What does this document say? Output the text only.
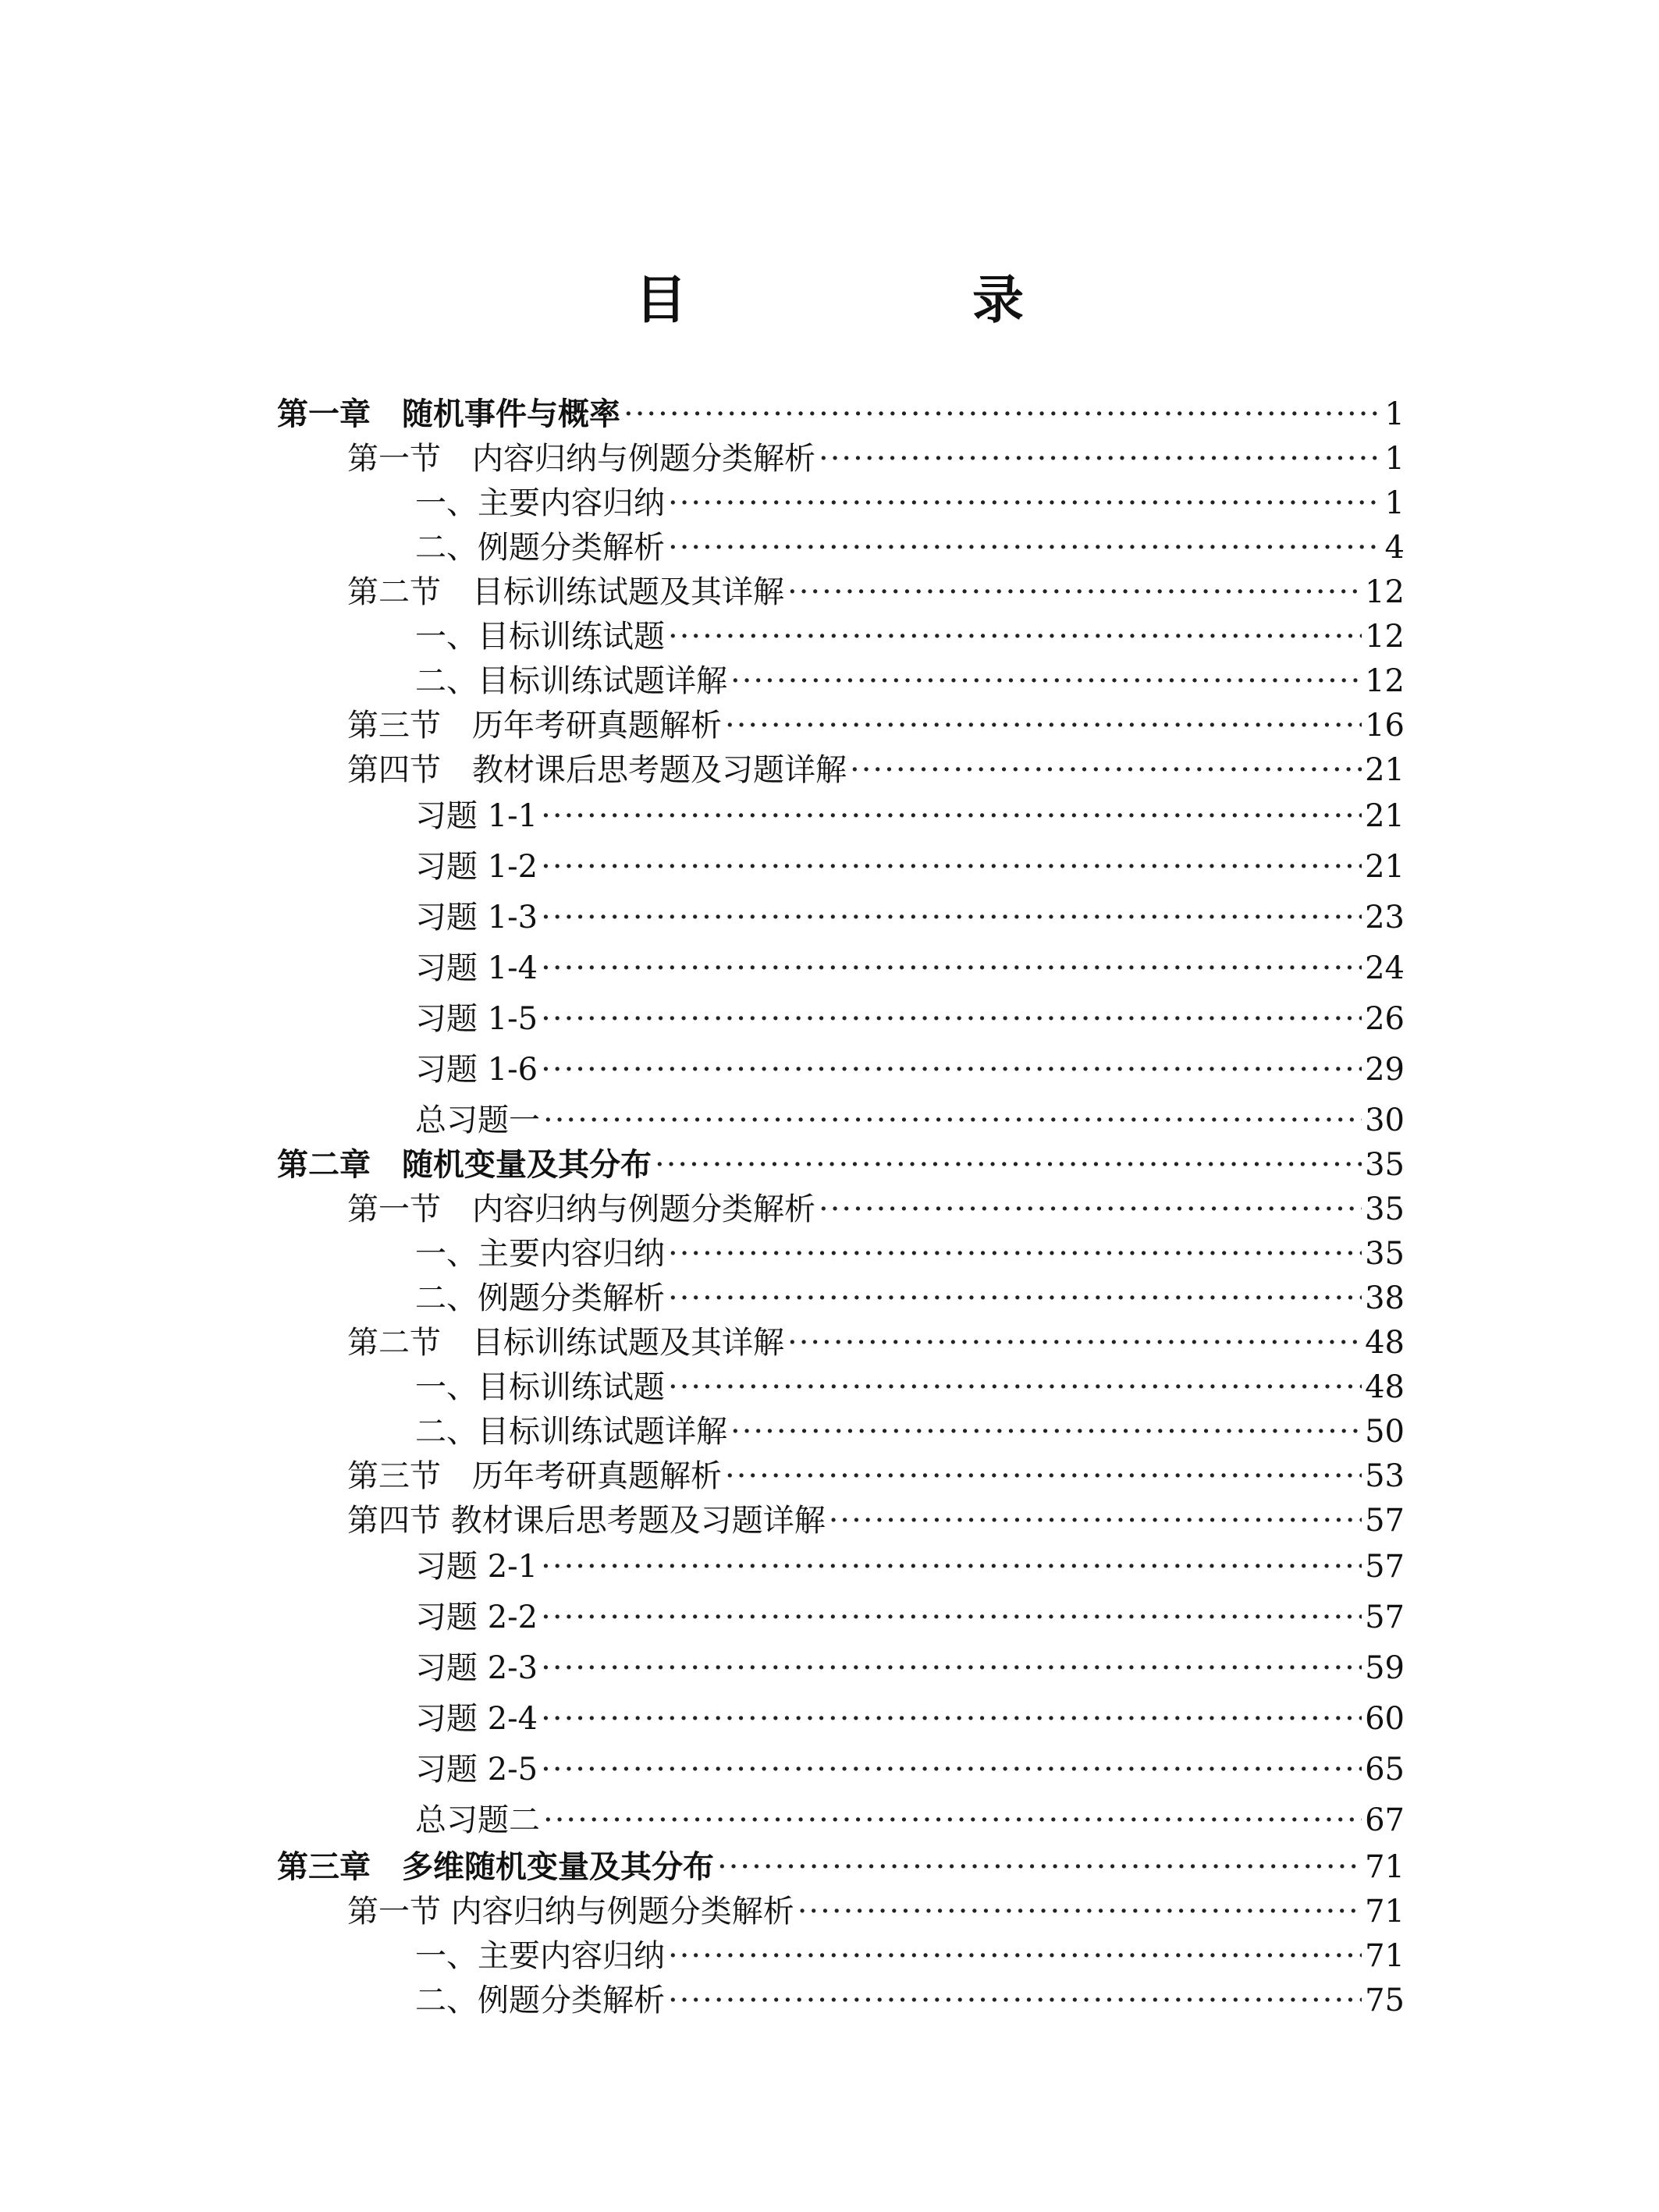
目　录
第一章　随机事件与概率 ·····	1
第一节　内容归纳与例题分类解析 ·····	1
一、主要内容归纳 ·····	1
二、例题分类解析 ·····	4
第二节　目标训练试题及其详解 ·····	12
一、目标训练试题 ·····	12
二、目标训练试题详解 ·····	12
第三节　历年考研真题解析 ·····	16
第四节　教材课后思考题及习题详解 ·····	21
习题 1-1 ·····	21
习题 1-2 ·····	21
习题 1-3 ·····	23
习题 1-4 ·····	24
习题 1-5 ·····	26
习题 1-6 ·····	29
总习题一 ·····	30
第二章　随机变量及其分布 ·····	35
第一节　内容归纳与例题分类解析 ·····	35
一、主要内容归纳 ·····	35
二、例题分类解析 ·····	38
第二节　目标训练试题及其详解 ·····	48
一、目标训练试题 ·····	48
二、目标训练试题详解 ·····	50
第三节　历年考研真题解析 ·····	53
第四节 教材课后思考题及习题详解 ·····	57
习题 2-1 ·····	57
习题 2-2 ·····	57
习题 2-3 ·····	59
习题 2-4 ·····	60
习题 2-5 ·····	65
总习题二 ·····	67
第三章　多维随机变量及其分布 ·····	71
第一节 内容归纳与例题分类解析 ·····	71
一、主要内容归纳 ·····	71
二、例题分类解析 ·····	75
